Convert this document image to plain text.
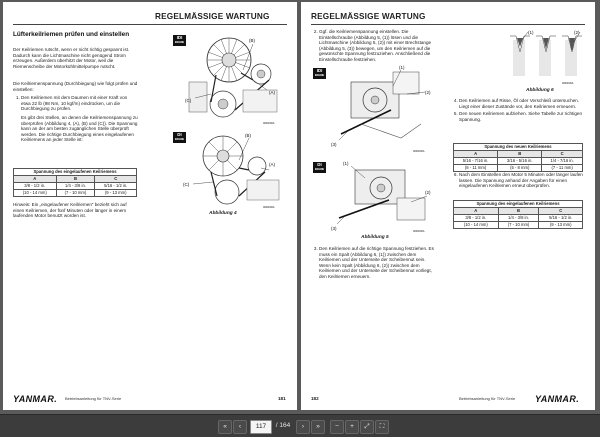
REGELMÄSSIGE WARTUNG
Lüfterkeilriemen prüfen und einstellen
Der Keilriemen rutscht, wenn er nicht richtig gespannt ist. Dadurch kann die Lichtmaschine nicht genügend Strom erzeugen. Außerdem überhitzt der Motor, weil die Riemenscheibe der Motorkühlmittelpumpe rutscht.
Die Keilriemenspannung (Durchbiegung) wie folgt prüfen und einstellen:
1. Den Keilriemen mit dem Daumen mit einer Kraft von etwa 22 lb (98 Nm, 10 kgf/m) eindrücken, um die Durchbiegung zu prüfen.
Es gibt drei Stellen, an denen die Keilriemenspannung zu überprüfen (Abbildung 4, (A), (B) und (C)). Die Spannung kann an der am besten zugänglichen Stelle überprüft werden. Die richtige Durchbiegung eines eingelaufenen Keilriemens an jeder Stelle ist:
Spannung des eingelaufenen Keilriemens		
A	B	C
3/8 - 1/2 in.	1/4 - 3/8 in.	5/16 - 1/2 in.
(10 - 14 mm)	(7 - 10 mm)	(9 - 13 mm)
Hinweis: Ein „eingelaufener Keilriemen“ bezieht sich auf einen Keilriemen, der fünf Minuten oder länger in einem laufenden Motor benutzt worden ist.
IDI
ENGINE
DI
ENGINE
(B)
(C)
(A)
0000000A
(B)
(C)
(A)
0000000A
Abbildung 4
YANMAR. Betriebsanleitung für TNV-Serie	181
REGELMÄSSIGE WARTUNG
2. Ggf. die Keilriemenspannung einstellen. Die Einstellschraube (Abbildung 5, (1)) lösen und die Lichtmaschine (Abbildung 5, (2)) mit einer Brechstange (Abbildung 5, (3)) bewegen, um den Keilriemen auf die gewünschte Spannung festzuziehen. Anschließend die Einstellschraube festziehen.
IDI
ENGINE
DI
ENGINE
(1)
(2)
(3)
0000000A
(1)
(2)
(3)
0000000A
Abbildung 5
3. Den Keilriemen auf die richtige Spannung festziehen. Es muss ein Spalt (Abbildung 6, (1)) zwischen dem Keilriemen und der Unterseite der Scheibennut sein. Wenn kein Spalt (Abbildung 6, (2)) zwischen dem Keilriemen und der Unterseite der Scheibennut vorliegt, den Keilriemen erneuern.
(1)	(2)
0000000A
Abbildung 6
4. Den Keilriemen auf Risse, Öl oder Verschleiß untersuchen. Liegt einer dieser Zustände vor, den Keilriemen erneuern.
5. Den neuen Keilriemen aufziehen. Siehe Tabelle zur richtigen Spannung.
Spannung des neuen Keilriemens		
A	B	C
5/16 - 7/16 in.	3/16 - 5/16 in.	1/4 - 7/16 in.
(8 - 11 mm)	(5 - 8 mm)	(7 - 11 mm)
6. Nach dem Einstellen den Motor 5 Minuten oder länger laufen lassen. Die Spannung anhand der Angaben für einen eingelaufenen Keilriemen erneut überprüfen.
Spannung des eingelaufenen Keilriemens		
A	B	C
3/8 - 1/2 in.	1/4 - 3/8 in.	5/16 - 1/2 in.
(10 - 14 mm)	(7 - 10 mm)	(9 - 13 mm)
182	Betriebsanleitung für TNV-Serie YANMAR.
«	‹	117	/ 164	›	»	−	+	⤢	⛶
